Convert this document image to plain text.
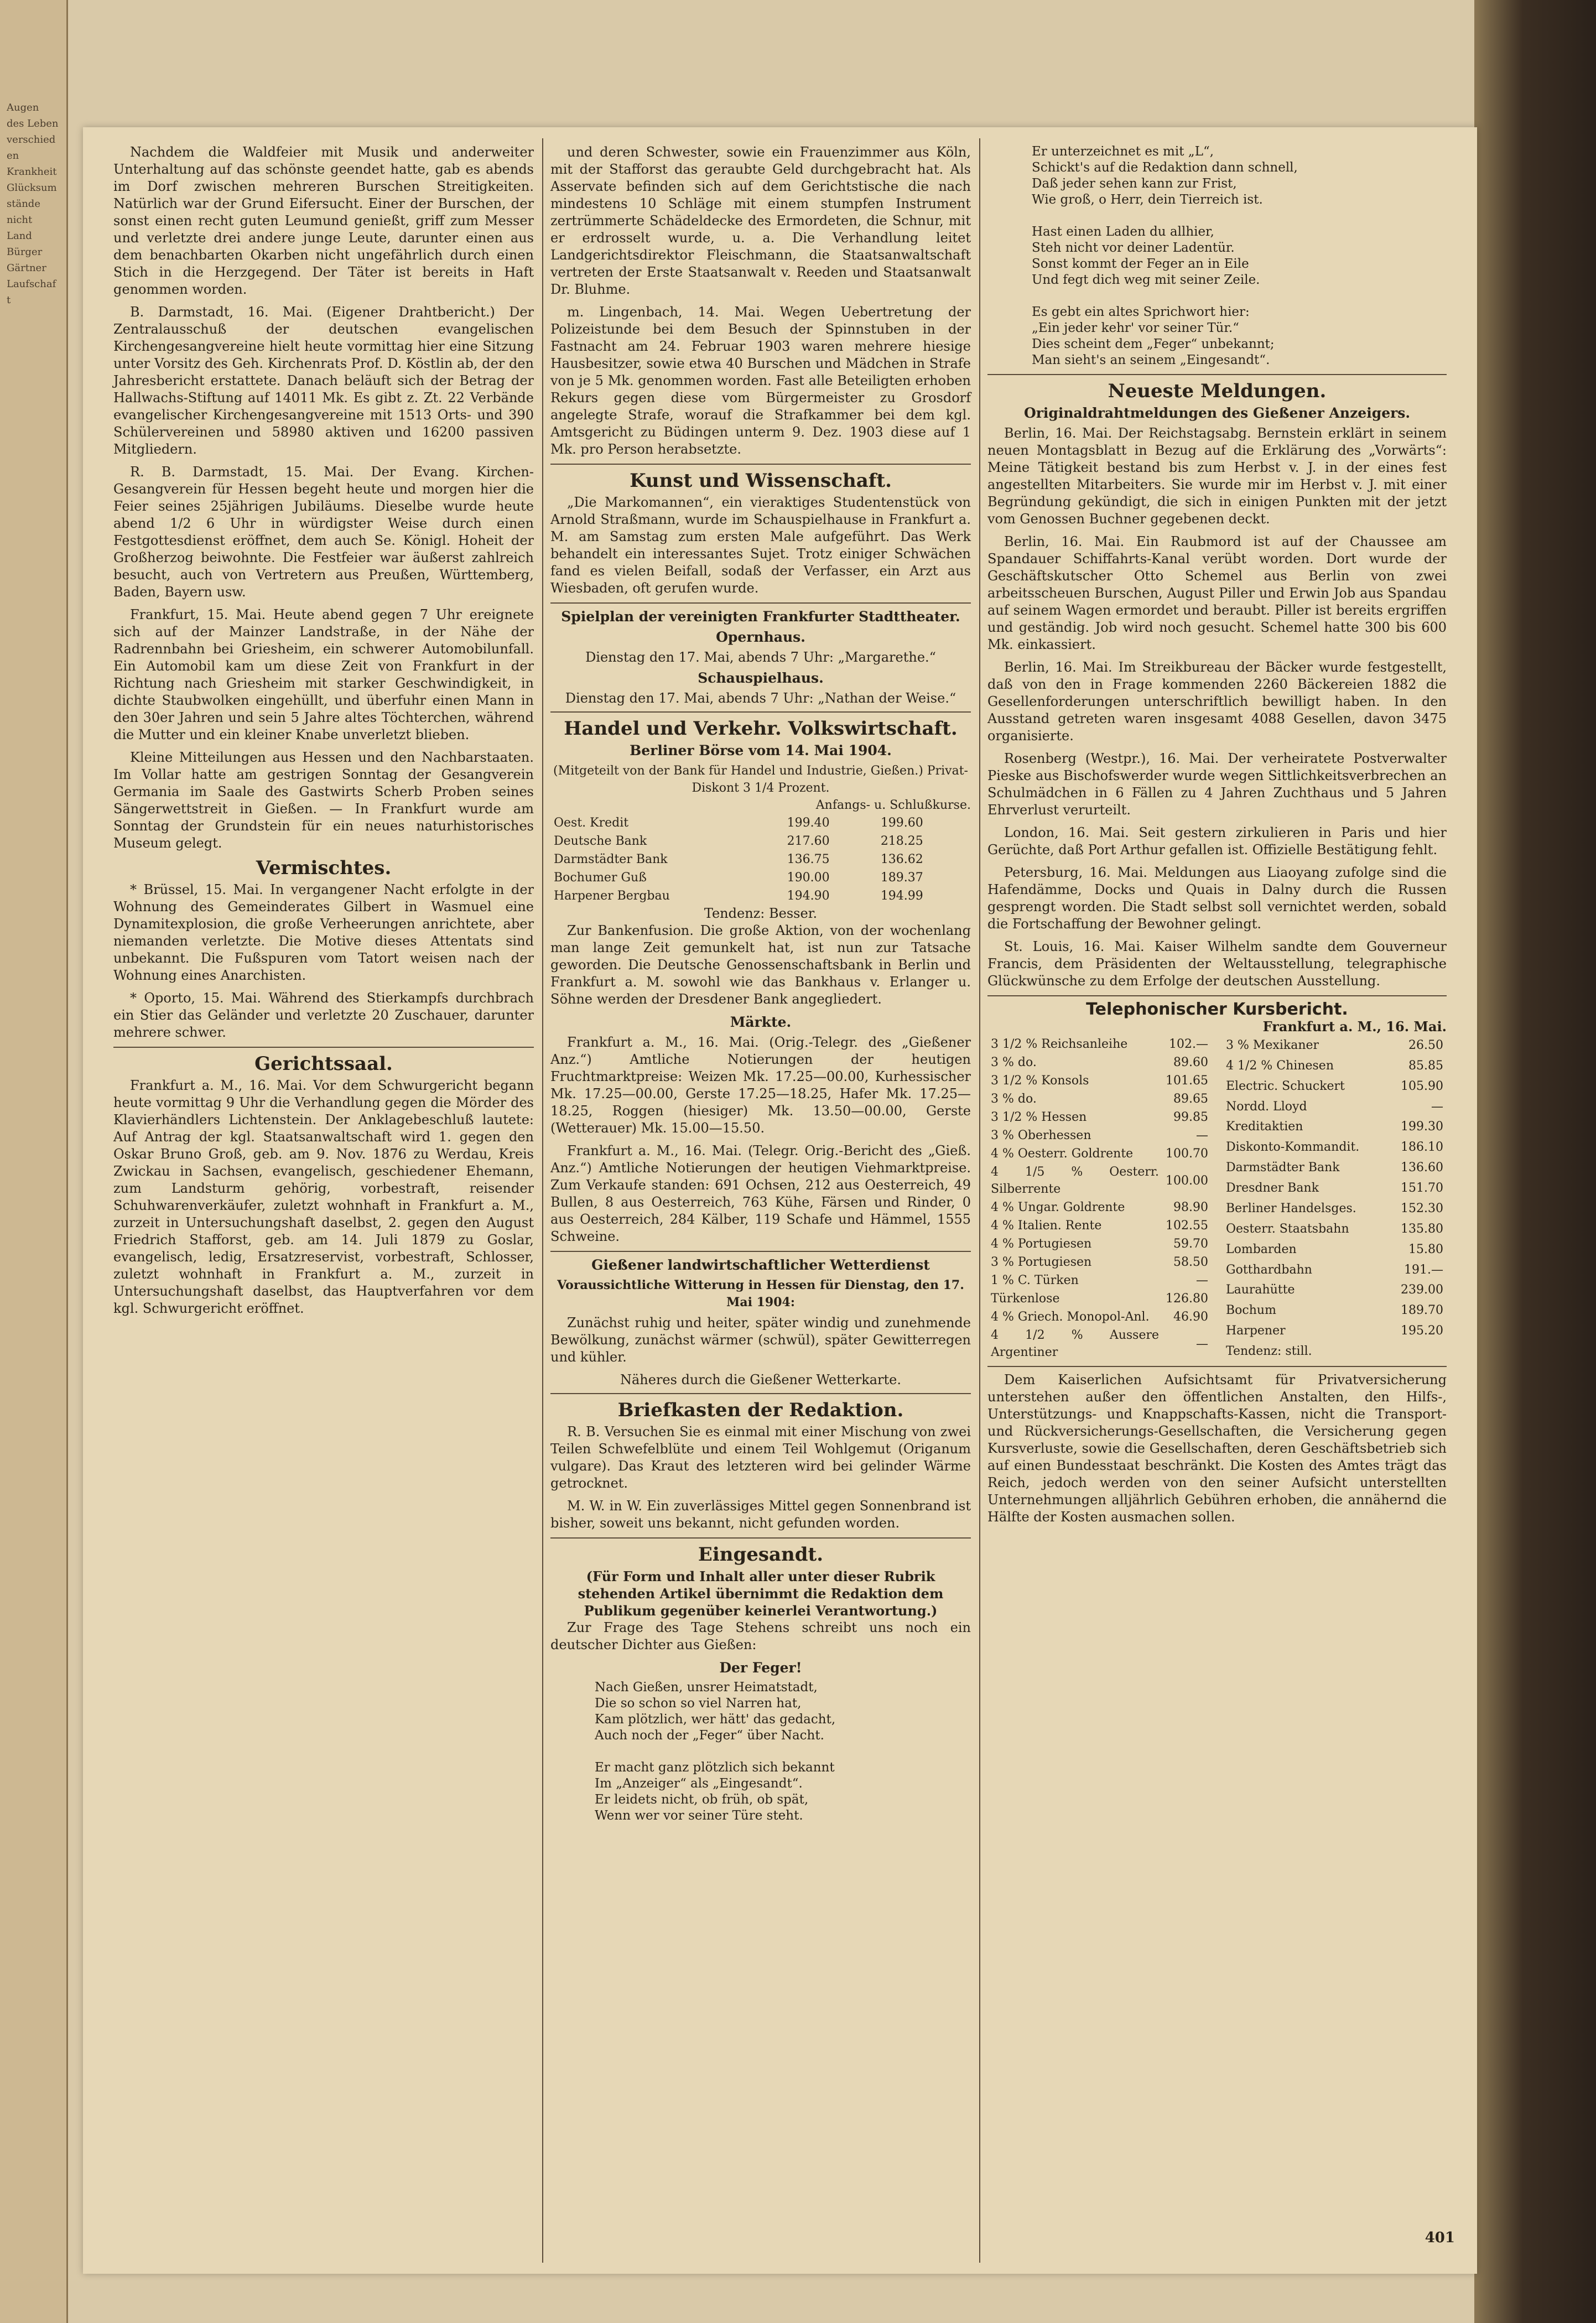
Augen
des Leben
verschieden
Krankheit
Glücksumstände
nicht
Land
Bürger
Gärtner
Laufschaft

Nachdem die Waldfeier mit Musik und anderweiter Unterhaltung auf das schönste geendet hatte, gab es abends im Dorf zwischen mehreren Burschen Streitigkeiten. Natürlich war der Grund Eifersucht. Einer der Burschen, der sonst einen recht guten Leumund genießt, griff zum Messer und verletzte drei andere junge Leute, darunter einen aus dem benachbarten Okarben nicht ungefährlich durch einen Stich in die Herzgegend. Der Täter ist bereits in Haft genommen worden.

B. Darmstadt, 16. Mai. (Eigener Drahtbericht.) Der Zentralausschuß der deutschen evangelischen Kirchengesangvereine hielt heute vormittag hier eine Sitzung unter Vorsitz des Geh. Kirchenrats Prof. D. Köstlin ab, der den Jahresbericht erstattete. Danach beläuft sich der Betrag der Hallwachs-Stiftung auf 14011 Mk. Es gibt z. Zt. 22 Verbände evangelischer Kirchengesangvereine mit 1513 Orts- und 390 Schülervereinen und 58980 aktiven und 16200 passiven Mitgliedern.

R. B. Darmstadt, 15. Mai. Der Evang. Kirchen-Gesangverein für Hessen begeht heute und morgen hier die Feier seines 25jährigen Jubiläums. Dieselbe wurde heute abend 1/2 6 Uhr in würdigster Weise durch einen Festgottesdienst eröffnet, dem auch Se. Königl. Hoheit der Großherzog beiwohnte. Die Festfeier war äußerst zahlreich besucht, auch von Vertretern aus Preußen, Württemberg, Baden, Bayern usw.

Frankfurt, 15. Mai. Heute abend gegen 7 Uhr ereignete sich auf der Mainzer Landstraße, in der Nähe der Radrennbahn bei Griesheim, ein schwerer Automobilunfall. Ein Automobil kam um diese Zeit von Frankfurt in der Richtung nach Griesheim mit starker Geschwindigkeit, in dichte Staubwolken eingehüllt, und überfuhr einen Mann in den 30er Jahren und sein 5 Jahre altes Töchterchen, während die Mutter und ein kleiner Knabe unverletzt blieben.

Kleine Mitteilungen aus Hessen und den Nachbarstaaten. Im Vollar hatte am gestrigen Sonntag der Gesangverein Germania im Saale des Gastwirts Scherb Proben seines Sängerwettstreit in Gießen. — In Frankfurt wurde am Sonntag der Grundstein für ein neues naturhistorisches Museum gelegt.

Vermischtes.

* Brüssel, 15. Mai. In vergangener Nacht erfolgte in der Wohnung des Gemeinderates Gilbert in Wasmuel eine Dynamitexplosion, die große Verheerungen anrichtete, aber niemanden verletzte. Die Motive dieses Attentats sind unbekannt. Die Fußspuren vom Tatort weisen nach der Wohnung eines Anarchisten.

* Oporto, 15. Mai. Während des Stierkampfs durchbrach ein Stier das Geländer und verletzte 20 Zuschauer, darunter mehrere schwer.

Gerichtssaal.

Frankfurt a. M., 16. Mai. Vor dem Schwurgericht begann heute vormittag 9 Uhr die Verhandlung gegen die Mörder des Klavierhändlers Lichtenstein. Der Anklagebeschluß lautete: Auf Antrag der kgl. Staatsanwaltschaft wird 1. gegen den Oskar Bruno Groß, geb. am 9. Nov. 1876 zu Werdau, Kreis Zwickau in Sachsen, evangelisch, geschiedener Ehemann, zum Landsturm gehörig, vorbestraft, reisender Schuhwarenverkäufer, zuletzt wohnhaft in Frankfurt a. M., zurzeit in Untersuchungshaft daselbst, 2. gegen den August Friedrich Stafforst, geb. am 14. Juli 1879 zu Goslar, evangelisch, ledig, Ersatzreservist, vorbestraft, Schlosser, zuletzt wohnhaft in Frankfurt a. M., zurzeit in Untersuchungshaft daselbst, das Hauptverfahren vor dem kgl. Schwurgericht eröffnet.

und deren Schwester, sowie ein Frauenzimmer aus Köln, mit der Stafforst das geraubte Geld durchgebracht hat. Als Asservate befinden sich auf dem Gerichtstische die nach mindestens 10 Schläge mit einem stumpfen Instrument zertrümmerte Schädeldecke des Ermordeten, die Schnur, mit er erdrosselt wurde, u. a. Die Verhandlung leitet Landgerichtsdirektor Fleischmann, die Staatsanwaltschaft vertreten der Erste Staatsanwalt v. Reeden und Staatsanwalt Dr. Bluhme.

m. Lingenbach, 14. Mai. Wegen Uebertretung der Polizeistunde bei dem Besuch der Spinnstuben in der Fastnacht am 24. Februar 1903 waren mehrere hiesige Hausbesitzer, sowie etwa 40 Burschen und Mädchen in Strafe von je 5 Mk. genommen worden. Fast alle Beteiligten erhoben Rekurs gegen diese vom Bürgermeister zu Grosdorf angelegte Strafe, worauf die Strafkammer bei dem kgl. Amtsgericht zu Büdingen unterm 9. Dez. 1903 diese auf 1 Mk. pro Person herabsetzte.

Kunst und Wissenschaft.

„Die Markomannen“, ein vieraktiges Studentenstück von Arnold Straßmann, wurde im Schauspielhause in Frankfurt a. M. am Samstag zum ersten Male aufgeführt. Das Werk behandelt ein interessantes Sujet. Trotz einiger Schwächen fand es vielen Beifall, sodaß der Verfasser, ein Arzt aus Wiesbaden, oft gerufen wurde.

Spielplan der vereinigten Frankfurter Stadttheater.
Opernhaus.
Dienstag den 17. Mai, abends 7 Uhr: „Margarethe.“
Schauspielhaus.
Dienstag den 17. Mai, abends 7 Uhr: „Nathan der Weise.“
Handel und Verkehr. Volkswirtschaft.
Berliner Börse vom 14. Mai 1904.
(Mitgeteilt von der Bank für Handel und Industrie, Gießen.) Privat-Diskont 3 1/4 Prozent.
Anfangs- u. Schlußkurse.
Oest. Kredit	199.40	199.60
Deutsche Bank	217.60	218.25
Darmstädter Bank	136.75	136.62
Bochumer Guß	190.00	189.37
Harpener Bergbau	194.90	194.99
Tendenz: Besser.

Zur Bankenfusion. Die große Aktion, von der wochenlang man lange Zeit gemunkelt hat, ist nun zur Tatsache geworden. Die Deutsche Genossenschaftsbank in Berlin und Frankfurt a. M. sowohl wie das Bankhaus v. Erlanger u. Söhne werden der Dresdener Bank angegliedert.

Märkte.

Frankfurt a. M., 16. Mai. (Orig.-Telegr. des „Gießener Anz.“) Amtliche Notierungen der heutigen Fruchtmarktpreise: Weizen Mk. 17.25—00.00, Kurhessischer Mk. 17.25—00.00, Gerste 17.25—18.25, Hafer Mk. 17.25—18.25, Roggen (hiesiger) Mk. 13.50—00.00, Gerste (Wetterauer) Mk. 15.00—15.50.

Frankfurt a. M., 16. Mai. (Telegr. Orig.-Bericht des „Gieß. Anz.“) Amtliche Notierungen der heutigen Viehmarktpreise. Zum Verkaufe standen: 691 Ochsen, 212 aus Oesterreich, 49 Bullen, 8 aus Oesterreich, 763 Kühe, Färsen und Rinder, 0 aus Oesterreich, 284 Kälber, 119 Schafe und Hämmel, 1555 Schweine.

Gießener landwirtschaftlicher Wetterdienst
Voraussichtliche Witterung in Hessen für Dienstag, den 17. Mai 1904:

Zunächst ruhig und heiter, später windig und zunehmende Bewölkung, zunächst wärmer (schwül), später Gewitterregen und kühler.

Näheres durch die Gießener Wetterkarte.
Briefkasten der Redaktion.

R. B. Versuchen Sie es einmal mit einer Mischung von zwei Teilen Schwefelblüte und einem Teil Wohlgemut (Origanum vulgare). Das Kraut des letzteren wird bei gelinder Wärme getrocknet.

M. W. in W. Ein zuverlässiges Mittel gegen Sonnenbrand ist bisher, soweit uns bekannt, nicht gefunden worden.

Eingesandt.
(Für Form und Inhalt aller unter dieser Rubrik stehenden Artikel übernimmt die Redaktion dem Publikum gegenüber keinerlei Verantwortung.)

Zur Frage des Tage Stehens schreibt uns noch ein deutscher Dichter aus Gießen:

Der Feger!
Nach Gießen, unsrer Heimatstadt,
Die so schon so viel Narren hat,
Kam plötzlich, wer hätt' das gedacht,
Auch noch der „Feger“ über Nacht.

Er macht ganz plötzlich sich bekannt
Im „Anzeiger“ als „Eingesandt“.
Er leidets nicht, ob früh, ob spät,
Wenn wer vor seiner Türe steht.
Er unterzeichnet es mit „L“,
Schickt's auf die Redaktion dann schnell,
Daß jeder sehen kann zur Frist,
Wie groß, o Herr, dein Tierreich ist.

Hast einen Laden du allhier,
Steh nicht vor deiner Ladentür.
Sonst kommt der Feger an in Eile
Und fegt dich weg mit seiner Zeile.

Es gebt ein altes Sprichwort hier:
„Ein jeder kehr' vor seiner Tür.“
Dies scheint dem „Feger“ unbekannt;
Man sieht's an seinem „Eingesandt“.
Neueste Meldungen.
Originaldrahtmeldungen des Gießener Anzeigers.

Berlin, 16. Mai. Der Reichstagsabg. Bernstein erklärt in seinem neuen Montagsblatt in Bezug auf die Erklärung des „Vorwärts“: Meine Tätigkeit bestand bis zum Herbst v. J. in der eines fest angestellten Mitarbeiters. Sie wurde mir im Herbst v. J. mit einer Begründung gekündigt, die sich in einigen Punkten mit der jetzt vom Genossen Buchner gegebenen deckt.

Berlin, 16. Mai. Ein Raubmord ist auf der Chaussee am Spandauer Schiffahrts-Kanal verübt worden. Dort wurde der Geschäftskutscher Otto Schemel aus Berlin von zwei arbeitsscheuen Burschen, August Piller und Erwin Job aus Spandau auf seinem Wagen ermordet und beraubt. Piller ist bereits ergriffen und geständig. Job wird noch gesucht. Schemel hatte 300 bis 600 Mk. einkassiert.

Berlin, 16. Mai. Im Streikbureau der Bäcker wurde festgestellt, daß von den in Frage kommenden 2260 Bäckereien 1882 die Gesellenforderungen unterschriftlich bewilligt haben. In den Ausstand getreten waren insgesamt 4088 Gesellen, davon 3475 organisierte.

Rosenberg (Westpr.), 16. Mai. Der verheiratete Postverwalter Pieske aus Bischofswerder wurde wegen Sittlichkeitsverbrechen an Schulmädchen in 6 Fällen zu 4 Jahren Zuchthaus und 5 Jahren Ehrverlust verurteilt.

London, 16. Mai. Seit gestern zirkulieren in Paris und hier Gerüchte, daß Port Arthur gefallen ist. Offizielle Bestätigung fehlt.

Petersburg, 16. Mai. Meldungen aus Liaoyang zufolge sind die Hafendämme, Docks und Quais in Dalny durch die Russen gesprengt worden. Die Stadt selbst soll vernichtet werden, sobald die Fortschaffung der Bewohner gelingt.

St. Louis, 16. Mai. Kaiser Wilhelm sandte dem Gouverneur Francis, dem Präsidenten der Weltausstellung, telegraphische Glückwünsche zu dem Erfolge der deutschen Ausstellung.

Telephonischer Kursbericht.
Frankfurt a. M., 16. Mai.
3 1/2 % Reichsanleihe	102.—
3 % do.	89.60
3 1/2 % Konsols	101.65
3 % do.	89.65
3 1/2 % Hessen	99.85
3 % Oberhessen	—
4 % Oesterr. Goldrente	100.70
4 1/5 % Oesterr. Silberrente	100.00
4 % Ungar. Goldrente	98.90
4 % Italien. Rente	102.55
4 % Portugiesen	59.70
3 % Portugiesen	58.50
1 % C. Türken	—
Türkenlose	126.80
4 % Griech. Monopol-Anl.	46.90
4 1/2 % Aussere Argentiner	—
3 % Mexikaner	26.50
4 1/2 % Chinesen	85.85
Electric. Schuckert	105.90
Nordd. Lloyd	—
Kreditaktien	199.30
Diskonto-Kommandit.	186.10
Darmstädter Bank	136.60
Dresdner Bank	151.70
Berliner Handelsges.	152.30
Oesterr. Staatsbahn	135.80
Lombarden	15.80
Gotthardbahn	191.—
Laurahütte	239.00
Bochum	189.70
Harpener	195.20
Tendenz: still.	

Dem Kaiserlichen Aufsichtsamt für Privatversicherung unterstehen außer den öffentlichen Anstalten, den Hilfs-, Unterstützungs- und Knappschafts-Kassen, nicht die Transport- und Rückversicherungs-Gesellschaften, die Versicherung gegen Kursverluste, sowie die Gesellschaften, deren Geschäftsbetrieb sich auf einen Bundesstaat beschränkt. Die Kosten des Amtes trägt das Reich, jedoch werden von den seiner Aufsicht unterstellten Unternehmungen alljährlich Gebühren erhoben, die annähernd die Hälfte der Kosten ausmachen sollen.

401
